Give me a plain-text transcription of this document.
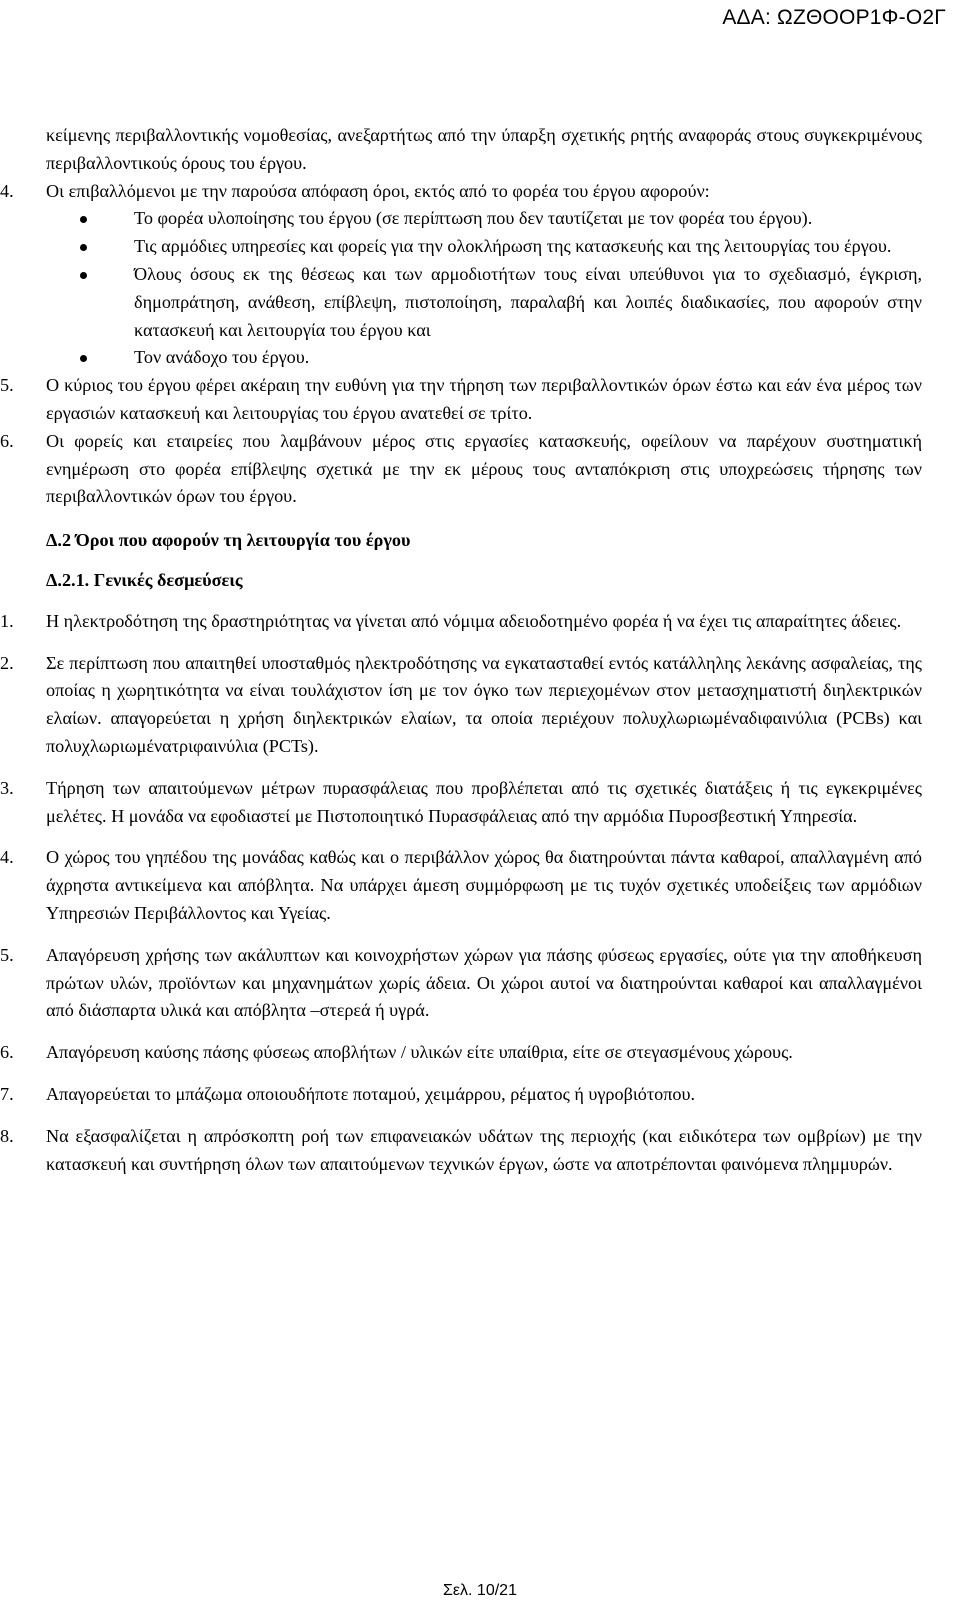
ΑΔΑ: ΩΖΘΟΟΡ1Φ-Ο2Γ

κείμενης περιβαλλοντικής νομοθεσίας, ανεξαρτήτως από την ύπαρξη σχετικής ρητής αναφοράς στους συγκεκριμένους περιβαλλοντικούς όρους του έργου.

4. Οι επιβαλλόμενοι με την παρούσα απόφαση όροι, εκτός από το φορέα του έργου αφορούν:
Το φορέα υλοποίησης του έργου (σε περίπτωση που δεν ταυτίζεται με τον φορέα του έργου).
Τις αρμόδιες υπηρεσίες και φορείς για την ολοκλήρωση της κατασκευής και της λειτουργίας του έργου.
Όλους όσους εκ της θέσεως και των αρμοδιοτήτων τους είναι υπεύθυνοι για το σχεδιασμό, έγκριση, δημοπράτηση, ανάθεση, επίβλεψη, πιστοποίηση, παραλαβή και λοιπές διαδικασίες, που αφορούν στην κατασκευή και λειτουργία του έργου και
Τον ανάδοχο του έργου.
5. Ο κύριος του έργου φέρει ακέραιη την ευθύνη για την τήρηση των περιβαλλοντικών όρων έστω και εάν ένα μέρος των εργασιών κατασκευή και λειτουργίας του έργου ανατεθεί σε τρίτο.
6. Οι φορείς και εταιρείες που λαμβάνουν μέρος στις εργασίες κατασκευής, οφείλουν να παρέχουν συστηματική ενημέρωση στο φορέα επίβλεψης σχετικά με την εκ μέρους τους ανταπόκριση στις υποχρεώσεις τήρησης των περιβαλλοντικών όρων του έργου.

Δ.2 Όροι που αφορούν τη λειτουργία του έργου

Δ.2.1. Γενικές δεσμεύσεις

1. Η ηλεκτροδότηση της δραστηριότητας να γίνεται από νόμιμα αδειοδοτημένο φορέα ή να έχει τις απαραίτητες άδειες.
2. Σε περίπτωση που απαιτηθεί υποσταθμός ηλεκτροδότησης να εγκατασταθεί εντός κατάλληλης λεκάνης ασφαλείας, της οποίας η χωρητικότητα να είναι τουλάχιστον ίση με τον όγκο των περιεχομένων στον μετασχηματιστή διηλεκτρικών ελαίων. απαγορεύεται η χρήση διηλεκτρικών ελαίων, τα οποία περιέχουν πολυχλωριωμέναδιφαινύλια (PCBs) και πολυχλωριωμένατριφαινύλια (PCTs).
3. Τήρηση των απαιτούμενων μέτρων πυρασφάλειας που προβλέπεται από τις σχετικές διατάξεις ή τις εγκεκριμένες μελέτες. Η μονάδα να εφοδιαστεί με Πιστοποιητικό Πυρασφάλειας από την αρμόδια Πυροσβεστική Υπηρεσία.
4. Ο χώρος του γηπέδου της μονάδας καθώς και ο περιβάλλον χώρος θα διατηρούνται πάντα καθαροί, απαλλαγμένη από άχρηστα αντικείμενα και απόβλητα. Να υπάρχει άμεση συμμόρφωση με τις τυχόν σχετικές υποδείξεις των αρμόδιων Υπηρεσιών Περιβάλλοντος και Υγείας.
5. Απαγόρευση χρήσης των ακάλυπτων και κοινοχρήστων χώρων για πάσης φύσεως εργασίες, ούτε για την αποθήκευση πρώτων υλών, προϊόντων και μηχανημάτων χωρίς άδεια. Οι χώροι αυτοί να διατηρούνται καθαροί και απαλλαγμένοι από διάσπαρτα υλικά και απόβλητα –στερεά ή υγρά.
6. Απαγόρευση καύσης πάσης φύσεως αποβλήτων / υλικών είτε υπαίθρια, είτε σε στεγασμένους χώρους.
7. Απαγορεύεται το μπάζωμα οποιουδήποτε ποταμού, χειμάρρου, ρέματος ή υγροβιότοπου.
8. Να εξασφαλίζεται η απρόσκοπτη ροή των επιφανειακών υδάτων της περιοχής (και ειδικότερα των ομβρίων) με την κατασκευή και συντήρηση όλων των απαιτούμενων τεχνικών έργων, ώστε να αποτρέπονται φαινόμενα πλημμυρών.
Σελ. 10/21
